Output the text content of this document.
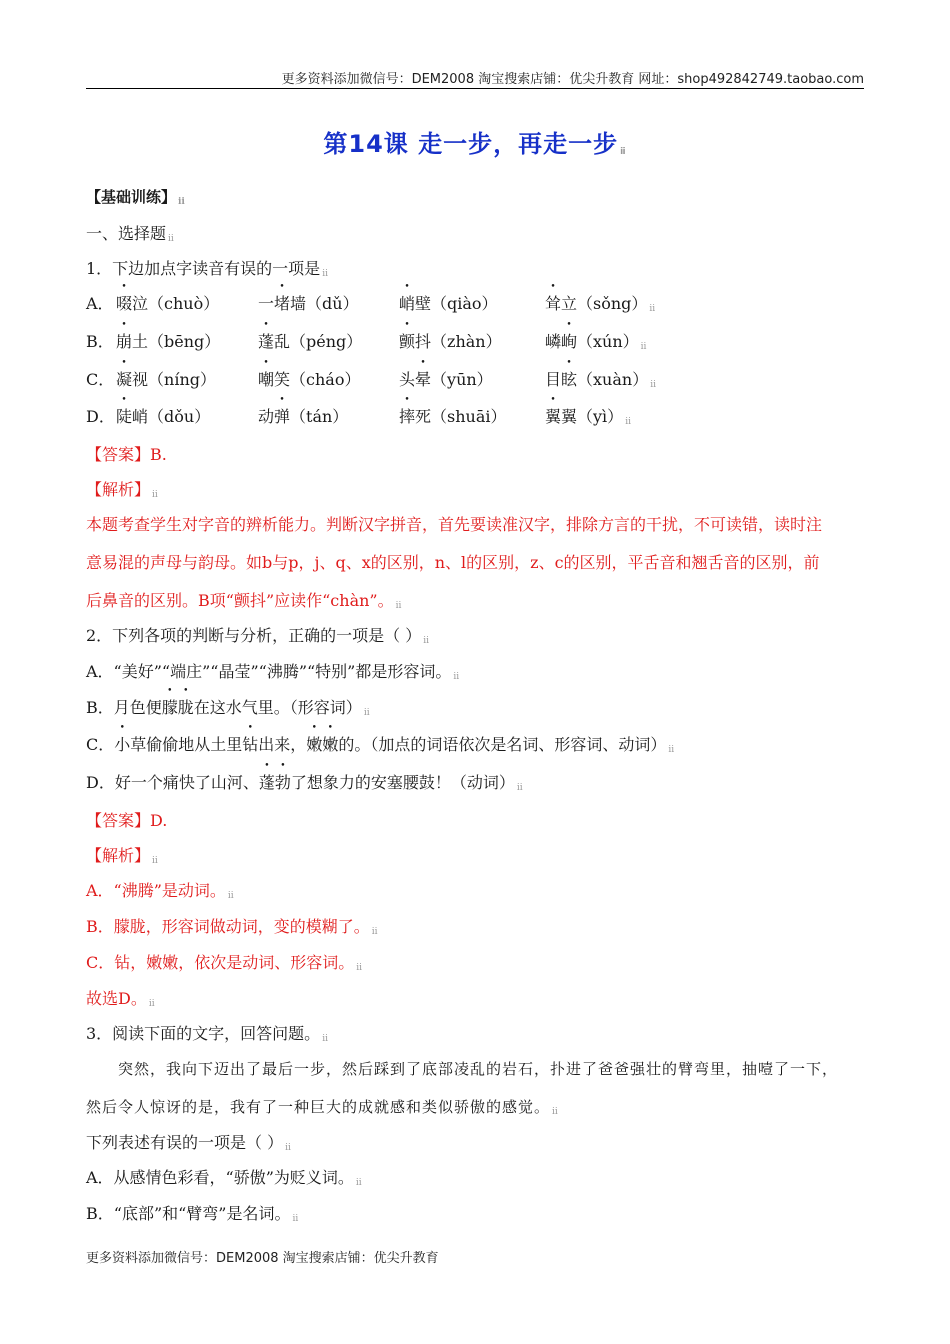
更多资料添加微信号：DEM2008 淘宝搜索店铺：优尖升教育 网址：shop492842749.taobao.com
第14课 走一步，再走一步 ⅱ
【基础训练】 ⅱ
一、选择题 ⅱ
1．下边加点字读音有误的一项是 ⅱ
A． 啜泣（chuò） 一堵墙（dǔ）	峭壁（qiào）	耸立（sǒng） ⅱ
B． 崩土（bēng） 蓬乱（péng） 颤抖（zhàn）	嶙峋（xún） ⅱ
C． 凝视（níng）	嘲笑（cháo） 头晕（yūn）	目眩（xuàn） ⅱ
D． 陡峭（dǒu）	动弹（tán）	摔死（shuāi） 翼翼（yì） ⅱ
【答案】B.
【解析】 ⅱ
本题考查学生对字音的辨析能力。判断汉字拼音，首先要读准汉字，排除方言的干扰，不可读错，读时注
意易混的声母与韵母。如b与p，j、q、x的区别，n、l的区别，z、c的区别，平舌音和翘舌音的区别，前
后鼻音的区别。B项“颤抖”应读作“chàn”。 ⅱ
2．下列各项的判断与分析，正确的一项是（ ） ⅱ
A．“美好”“端庄”“晶莹”“沸腾”“特别”都是形容词。 ⅱ
B．月色便朦胧在这水气里。（形容词） ⅱ
C．小草偷偷地从土里钻出来，嫩嫩的。（加点的词语依次是名词、形容词、动词） ⅱ
D．好一个痛快了山河、蓬勃了想象力的安塞腰鼓！（动词） ⅱ
【答案】D.
【解析】 ⅱ
A．“沸腾”是动词。 ⅱ
B．朦胧，形容词做动词，变的模糊了。 ⅱ
C．钻，嫩嫩，依次是动词、形容词。 ⅱ
故选D。 ⅱ
3．阅读下面的文字，回答问题。 ⅱ
突然，我向下迈出了最后一步，然后踩到了底部凌乱的岩石，扑进了爸爸强壮的臂弯里，抽噎了一下，
然后令人惊讶的是，我有了一种巨大的成就感和类似骄傲的感觉。 ⅱ
下列表述有误的一项是（ ） ⅱ
A．从感情色彩看，“骄傲”为贬义词。 ⅱ
B．“底部”和“臂弯”是名词。 ⅱ
更多资料添加微信号：DEM2008 淘宝搜索店铺：优尖升教育
